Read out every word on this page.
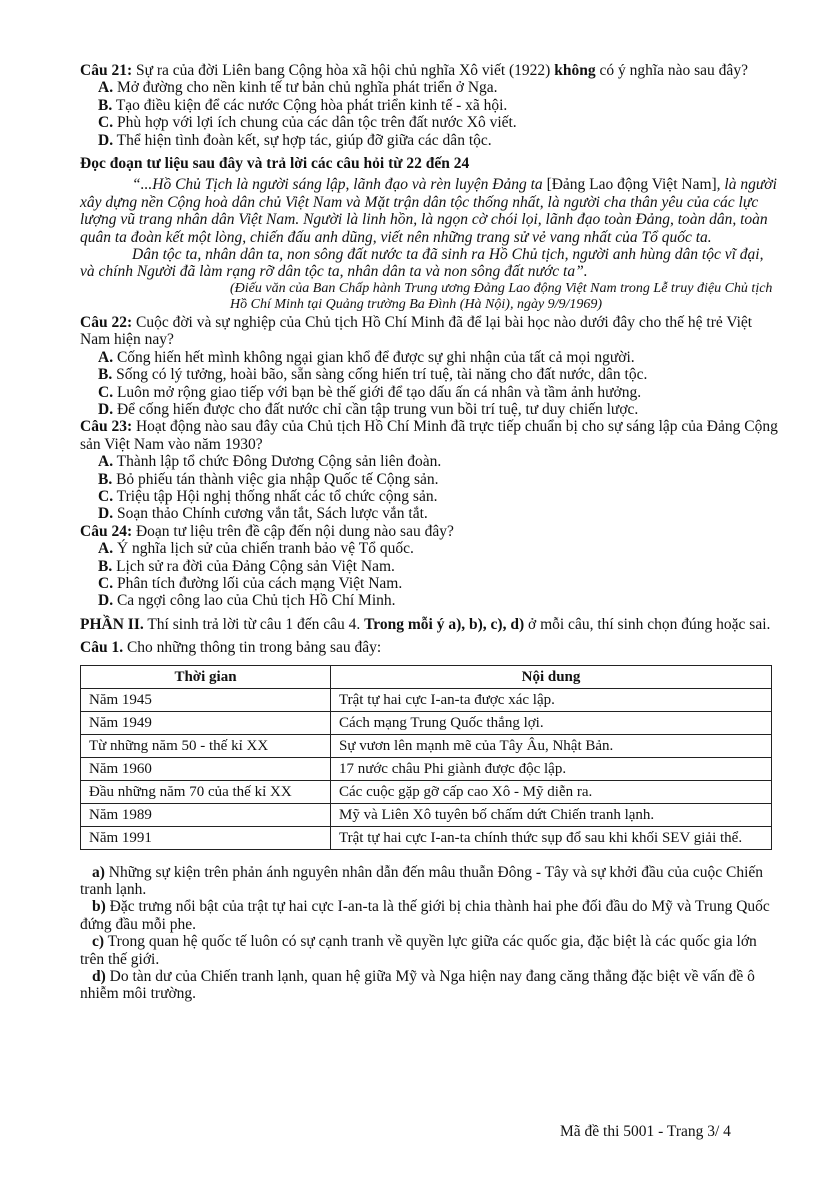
Câu 21: Sự ra của đời Liên bang Cộng hòa xã hội chủ nghĩa Xô viết (1922) không có ý nghĩa nào sau đây?

A. Mở đường cho nền kinh tế tư bản chủ nghĩa phát triển ở Nga.

B. Tạo điều kiện để các nước Cộng hòa phát triển kinh tế - xã hội.

C. Phù hợp với lợi ích chung của các dân tộc trên đất nước Xô viết.

D. Thể hiện tình đoàn kết, sự hợp tác, giúp đỡ giữa các dân tộc.

Đọc đoạn tư liệu sau đây và trả lời các câu hỏi từ 22 đến 24

“...Hồ Chủ Tịch là người sáng lập, lãnh đạo và rèn luyện Đảng ta [Đảng Lao động Việt Nam], là người xây dựng nền Cộng hoà dân chủ Việt Nam và Mặt trận dân tộc thống nhất, là người cha thân yêu của các lực lượng vũ trang nhân dân Việt Nam. Người là linh hồn, là ngọn cờ chói lọi, lãnh đạo toàn Đảng, toàn dân, toàn quân ta đoàn kết một lòng, chiến đấu anh dũng, viết nên những trang sử vẻ vang nhất của Tổ quốc ta.

Dân tộc ta, nhân dân ta, non sông đất nước ta đã sinh ra Hồ Chủ tịch, người anh hùng dân tộc vĩ đại, và chính Người đã làm rạng rỡ dân tộc ta, nhân dân ta và non sông đất nước ta”.

(Điếu văn của Ban Chấp hành Trung ương Đảng Lao động Việt Nam trong Lễ truy điệu Chủ tịch Hồ Chí Minh tại Quảng trường Ba Đình (Hà Nội), ngày 9/9/1969)

Câu 22: Cuộc đời và sự nghiệp của Chủ tịch Hồ Chí Minh đã để lại bài học nào dưới đây cho thế hệ trẻ Việt Nam hiện nay?

A. Cống hiến hết mình không ngại gian khổ để được sự ghi nhận của tất cả mọi người.

B. Sống có lý tưởng, hoài bão, sẵn sàng cống hiến trí tuệ, tài năng cho đất nước, dân tộc.

C. Luôn mở rộng giao tiếp với bạn bè thế giới để tạo dấu ấn cá nhân và tầm ảnh hưởng.

D. Để cống hiến được cho đất nước chỉ cần tập trung vun bồi trí tuệ, tư duy chiến lược.

Câu 23: Hoạt động nào sau đây của Chủ tịch Hồ Chí Minh đã trực tiếp chuẩn bị cho sự sáng lập của Đảng Cộng sản Việt Nam vào năm 1930?

A. Thành lập tổ chức Đông Dương Cộng sản liên đoàn.

B. Bỏ phiếu tán thành việc gia nhập Quốc tế Cộng sản.

C. Triệu tập Hội nghị thống nhất các tổ chức cộng sản.

D. Soạn thảo Chính cương vắn tắt, Sách lược vắn tắt.

Câu 24: Đoạn tư liệu trên đề cập đến nội dung nào sau đây?

A. Ý nghĩa lịch sử của chiến tranh bảo vệ Tổ quốc.

B. Lịch sử ra đời của Đảng Cộng sản Việt Nam.

C. Phân tích đường lối của cách mạng Việt Nam.

D. Ca ngợi công lao của Chủ tịch Hồ Chí Minh.

PHẦN II. Thí sinh trả lời từ câu 1 đến câu 4. Trong mỗi ý a), b), c), d) ở mỗi câu, thí sinh chọn đúng hoặc sai.

Câu 1. Cho những thông tin trong bảng sau đây:

Thời gian	Nội dung
Năm 1945	Trật tự hai cực I-an-ta được xác lập.
Năm 1949	Cách mạng Trung Quốc thắng lợi.
Từ những năm 50 - thế kỉ XX	Sự vươn lên mạnh mẽ của Tây Âu, Nhật Bản.
Năm 1960	17 nước châu Phi giành được độc lập.
Đầu những năm 70 của thế kỉ XX	Các cuộc gặp gỡ cấp cao Xô - Mỹ diễn ra.
Năm 1989	Mỹ và Liên Xô tuyên bố chấm dứt Chiến tranh lạnh.
Năm 1991	Trật tự hai cực I-an-ta chính thức sụp đổ sau khi khối SEV giải thể.

a) Những sự kiện trên phản ánh nguyên nhân dẫn đến mâu thuẫn Đông - Tây và sự khởi đầu của cuộc Chiến tranh lạnh.

b) Đặc trưng nổi bật của trật tự hai cực I-an-ta là thế giới bị chia thành hai phe đối đầu do Mỹ và Trung Quốc đứng đầu mỗi phe.

c) Trong quan hệ quốc tế luôn có sự cạnh tranh về quyền lực giữa các quốc gia, đặc biệt là các quốc gia lớn trên thế giới.

d) Do tàn dư của Chiến tranh lạnh, quan hệ giữa Mỹ và Nga hiện nay đang căng thẳng đặc biệt về vấn đề ô nhiễm môi trường.

Mã đề thi 5001 - Trang 3/ 4
